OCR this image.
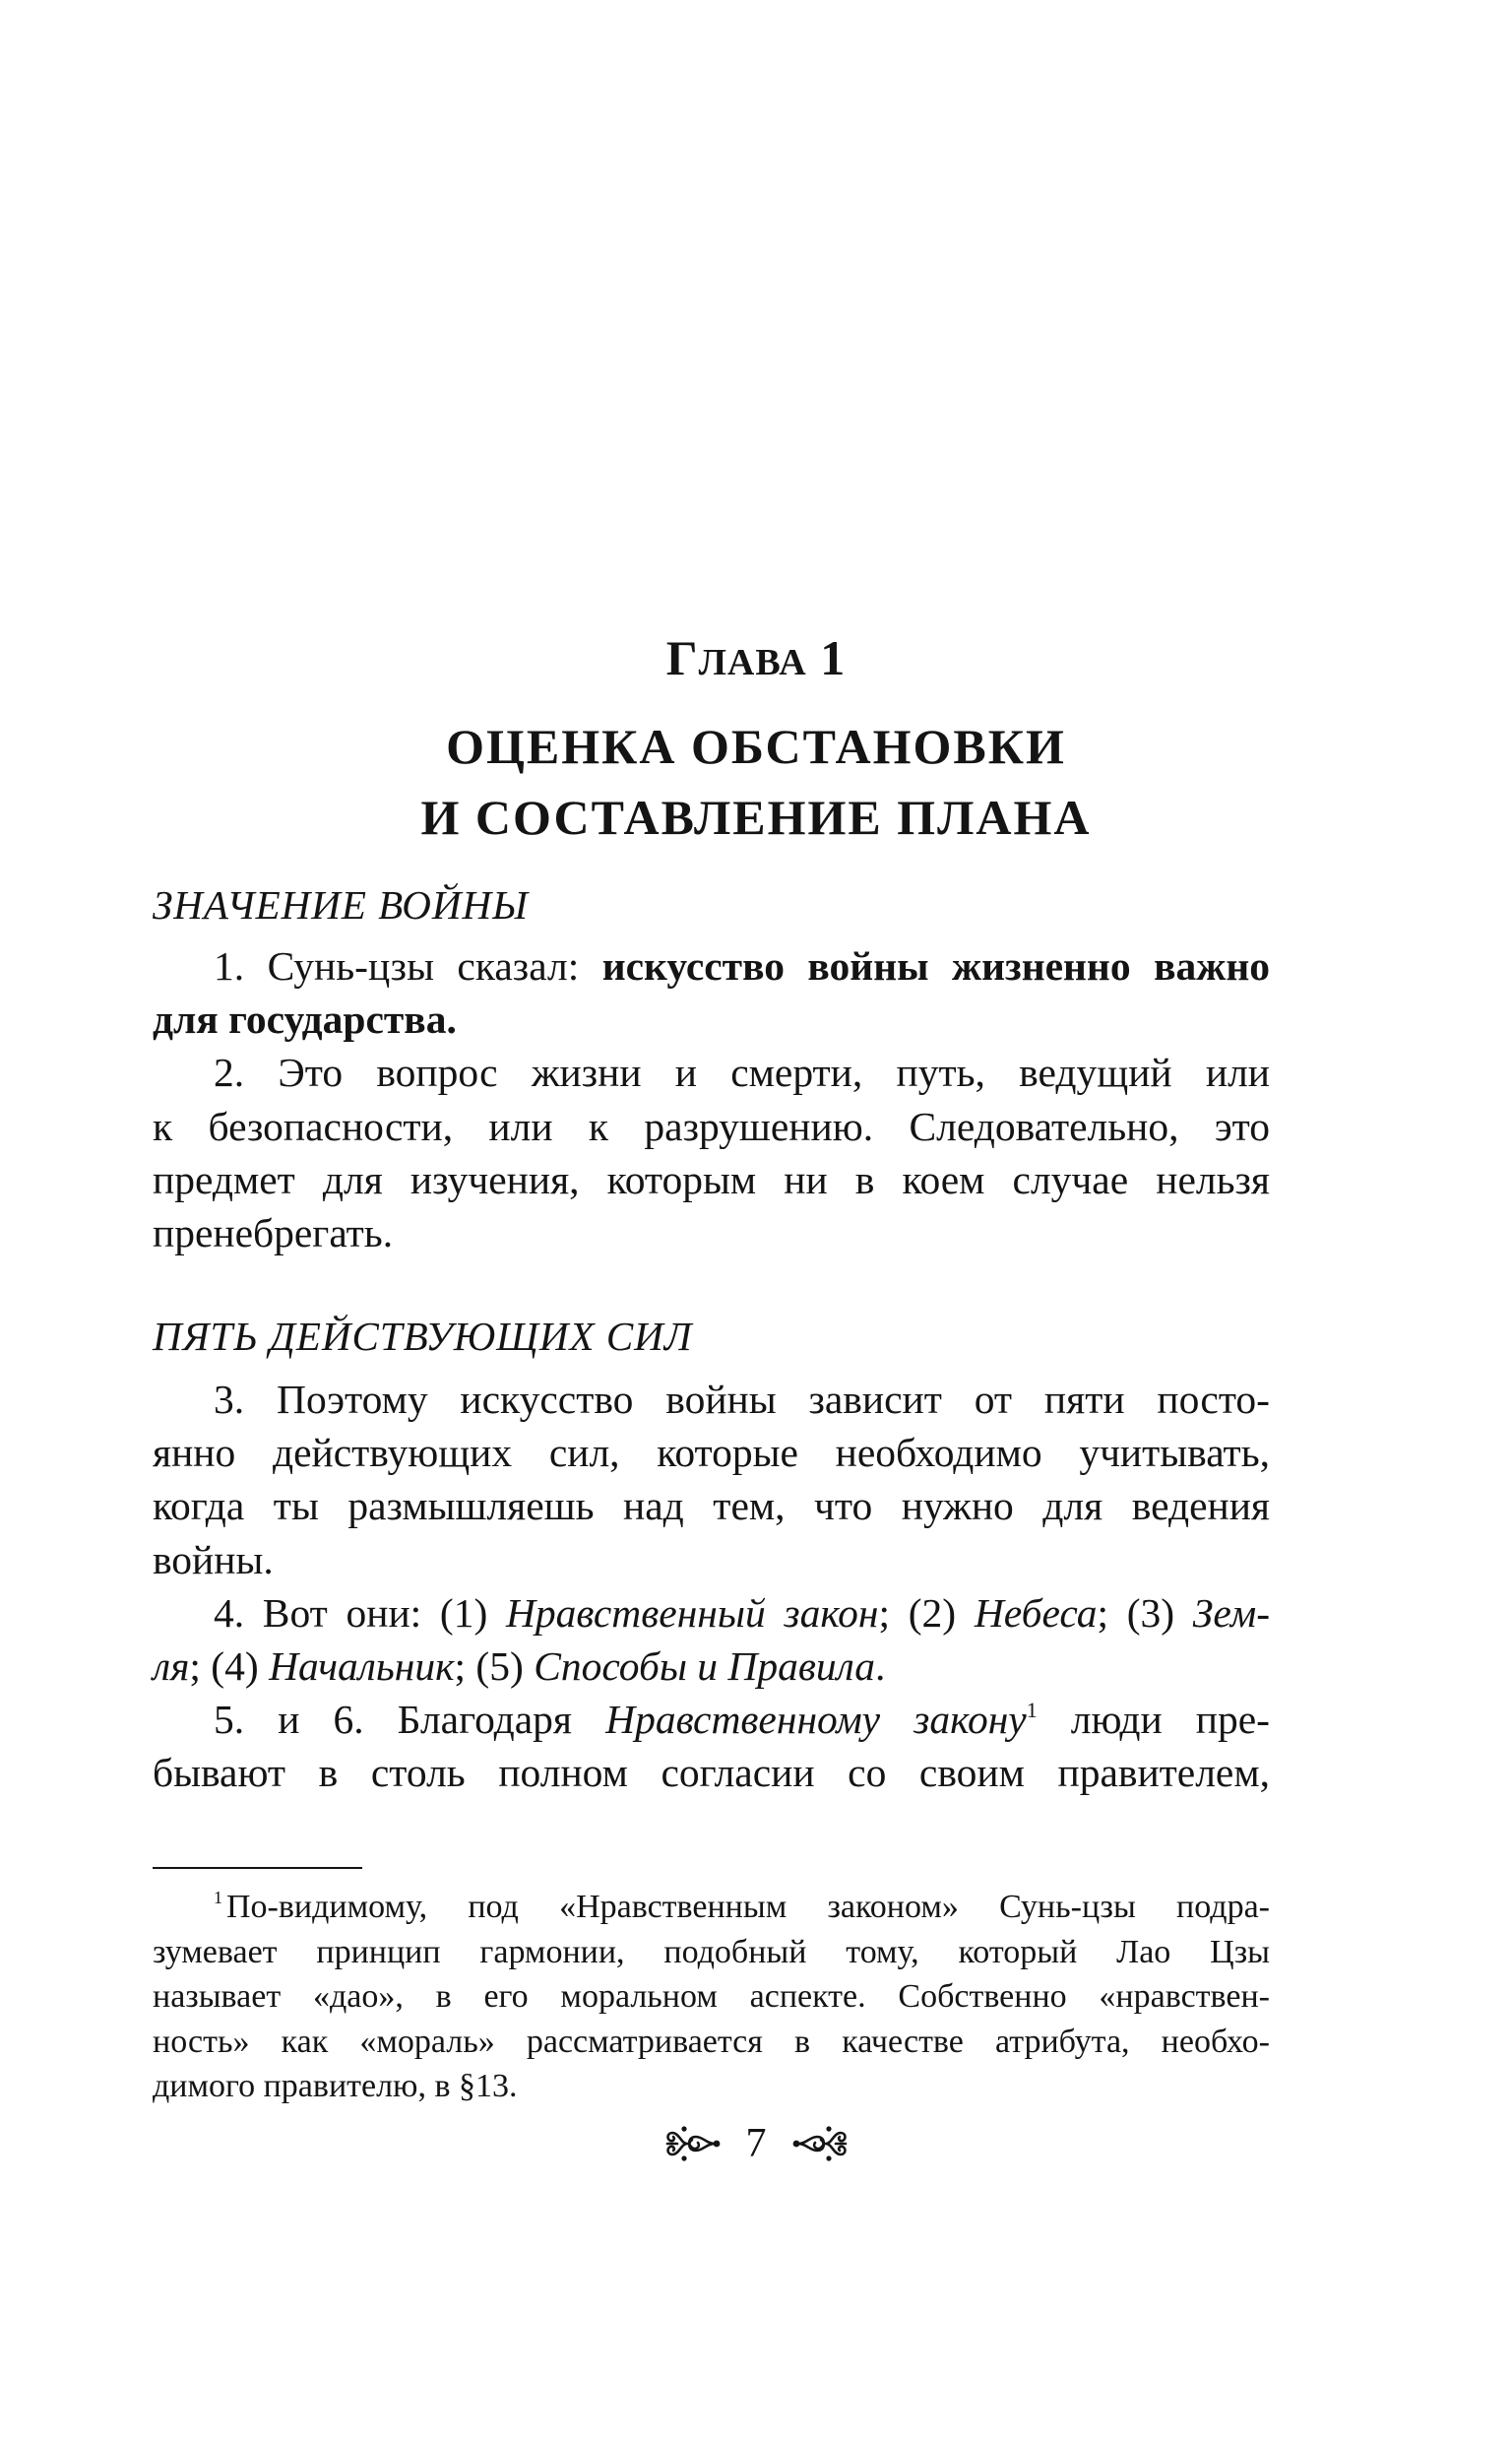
ГЛАВА 1
ОЦЕНКА ОБСТАНОВКИ
И СОСТАВЛЕНИЕ ПЛАНА
ЗНАЧЕНИЕ ВОЙНЫ
1. Сунь-цзы сказал: искусство войны жизненно важно
для государства.
2. Это вопрос жизни и смерти, путь, ведущий или
к безопасности, или к разрушению. Следовательно, это
предмет для изучения, которым ни в коем случае нельзя
пренебрегать.
ПЯТЬ ДЕЙСТВУЮЩИХ СИЛ
3. Поэтому искусство войны зависит от пяти посто-
янно действующих сил, которые необходимо учитывать,
когда ты размышляешь над тем, что нужно для ведения
войны.
4. Вот они: (1) Нравственный закон; (2) Небеса; (3) Зем-
ля; (4) Начальник; (5) Способы и Правила.
5. и 6. Благодаря Нравственному закону$^1$ люди пре-
бывают в столь полном согласии со своим правителем,
$^1$ По-видимому, под «Нравственным законом» Сунь-цзы подра-
зумевает принцип гармонии, подобный тому, который Лао Цзы
называет «дао», в его моральном аспекте. Собственно «нравствен-
ность» как «мораль» рассматривается в качестве атрибута, необхо-
димого правителю, в §13.
7
